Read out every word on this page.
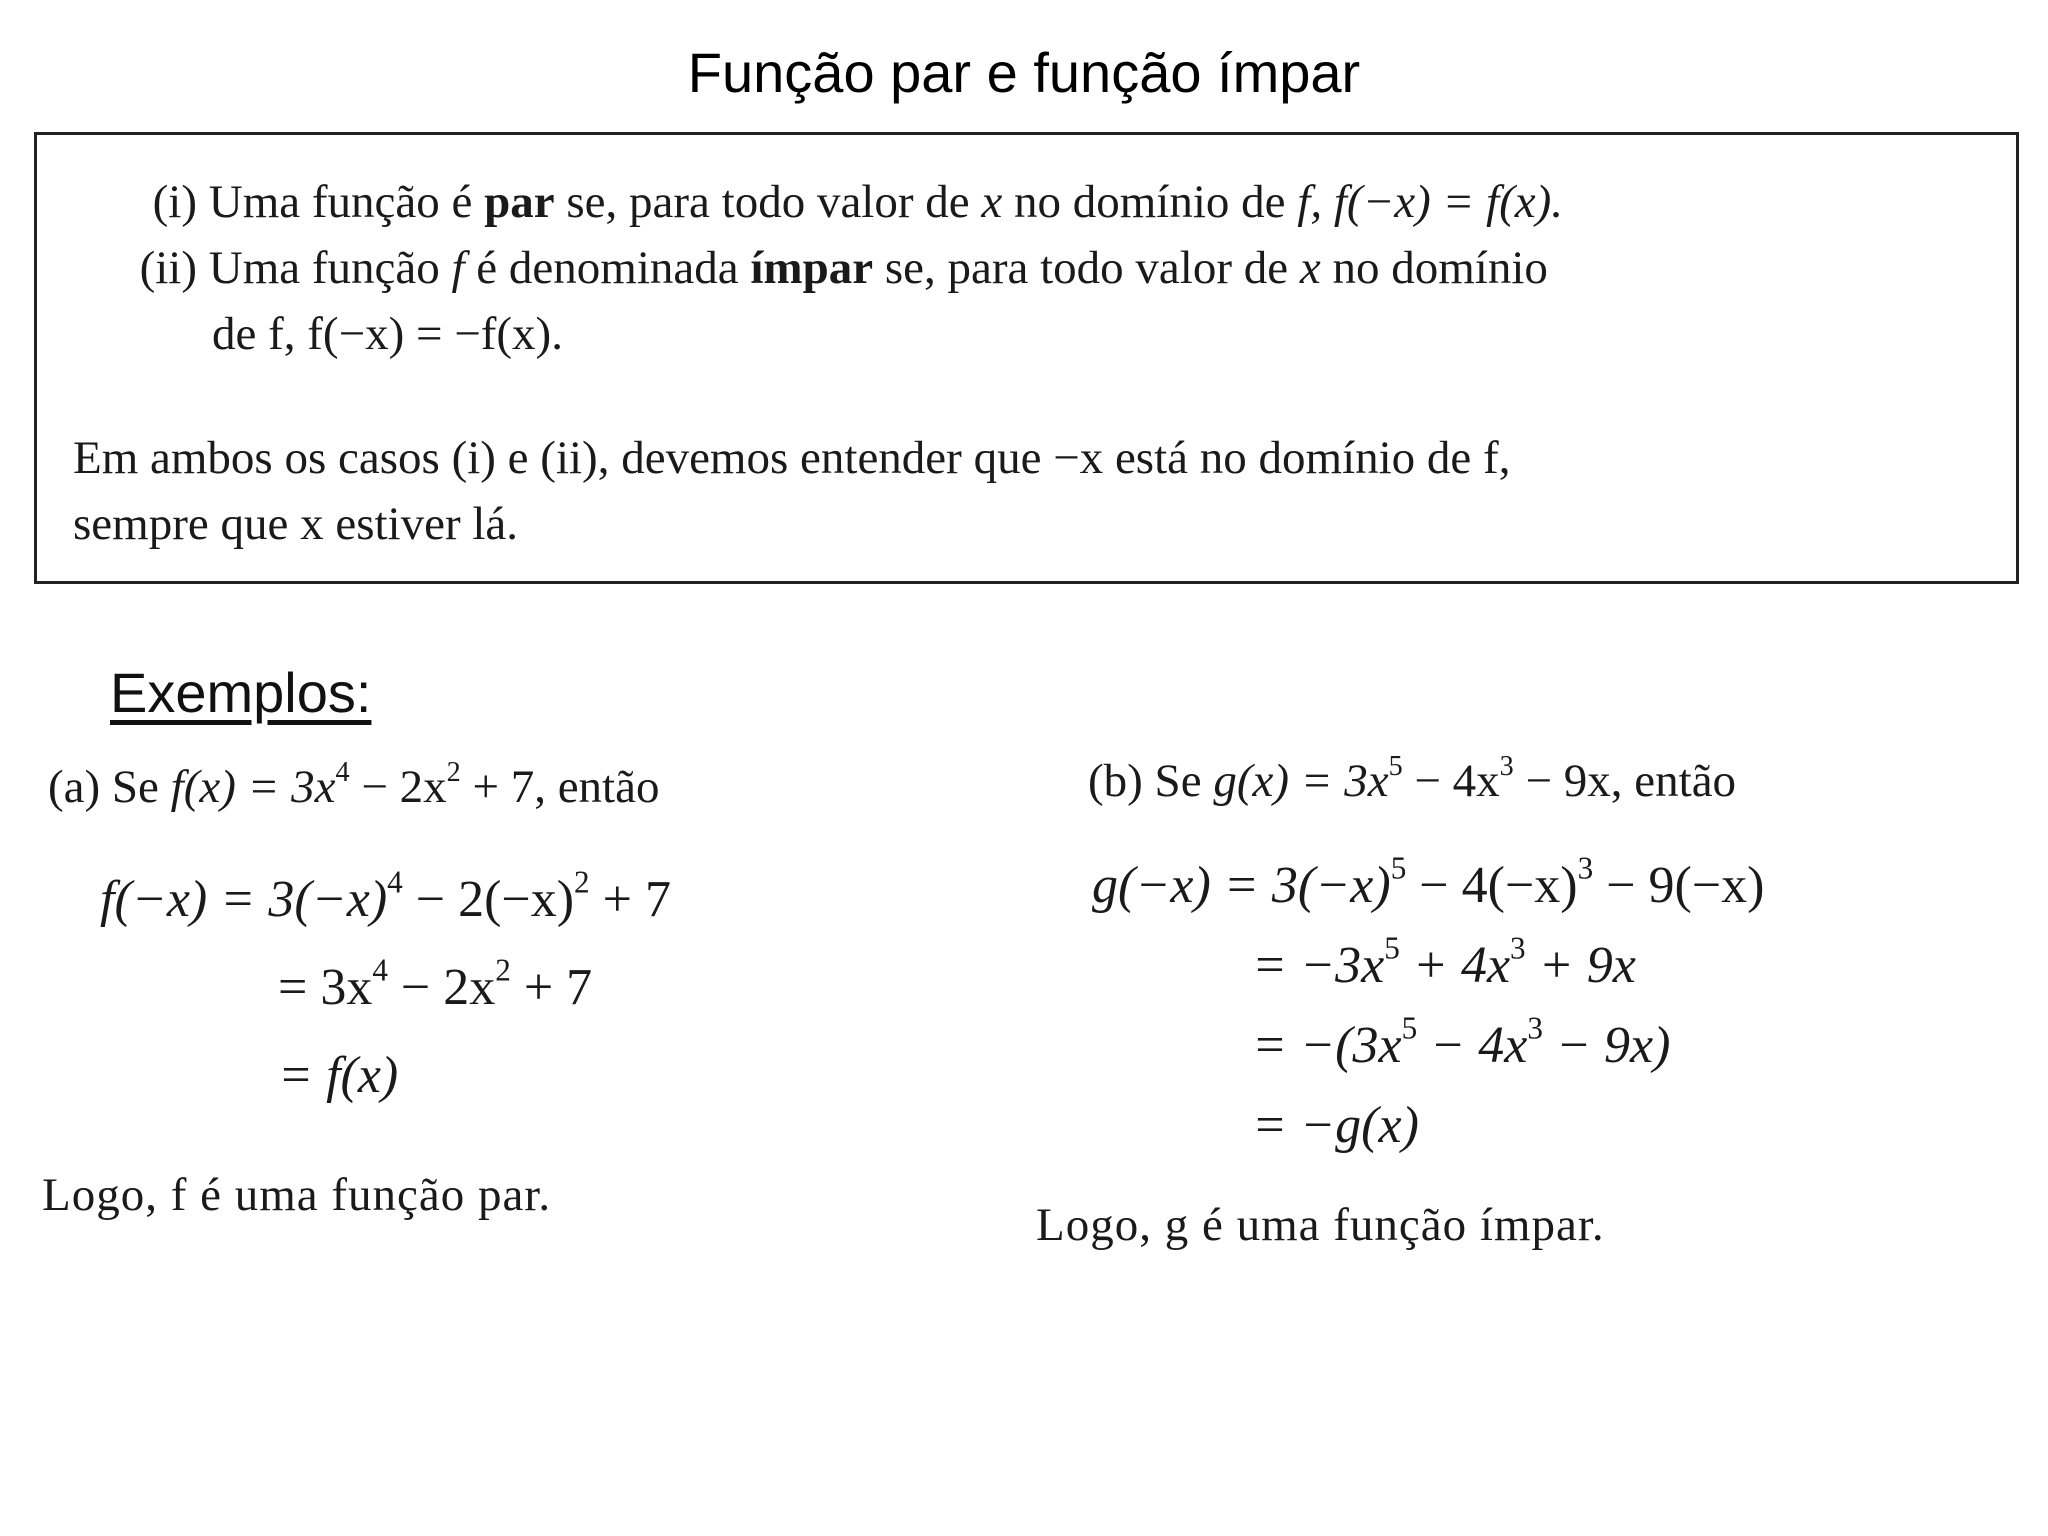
Função par e função ímpar
(i) Uma função é par se, para todo valor de x no domínio de f, f(−x) = f(x).
(ii) Uma função f é denominada ímpar se, para todo valor de x no domínio
de f, f(−x) = −f(x).
Em ambos os casos (i) e (ii), devemos entender que −x está no domínio de f,
sempre que x estiver lá.
Exemplos:
(a) Se $f(x) = 3x^4 - 2x^2 + 7$, então
$f(-x) = 3(-x)^4 - 2(-x)^2 + 7$
= $3x^4 - 2x^2 + 7$
= f(x)
Logo, f é uma função par.
(b) Se $g(x) = 3x^5 - 4x^3 - 9x$, então
$g(-x) = 3(-x)^5 - 4(-x)^3 - 9(-x)$
= $-3x^5 + 4x^3 + 9x$
= $-(3x^5 - 4x^3 - 9x)$
= −g(x)
Logo, g é uma função ímpar.
